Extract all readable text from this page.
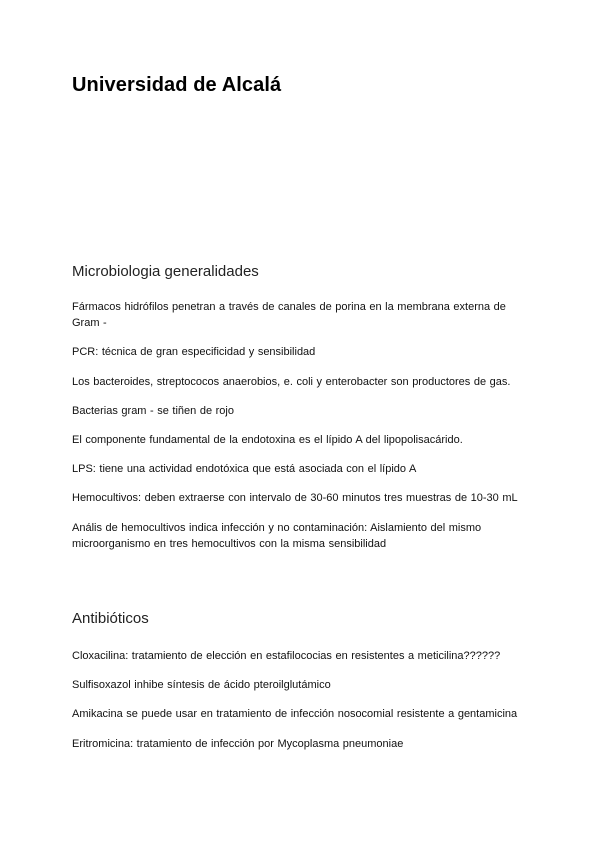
Universidad de Alcalá
Microbiologia generalidades

Fármacos hidrófilos penetran a través de canales de porina en la membrana externa de Gram -

PCR: técnica de gran especificidad y sensibilidad

Los bacteroides, streptococos anaerobios, e. coli y enterobacter son productores de gas.

Bacterias gram - se tiñen de rojo

El componente fundamental de la endotoxina es el lípido A del lipopolisacárido.

LPS: tiene una actividad endotóxica que está asociada con el lípido A

Hemocultivos: deben extraerse con intervalo de 30-60 minutos tres muestras de 10-30 mL

Anális de hemocultivos indica infección y no contaminación: Aislamiento del mismo microorganismo en tres hemocultivos con la misma sensibilidad

Antibióticos

Cloxacilina: tratamiento de elección en estafilococias en resistentes a meticilina??????

Sulfisoxazol inhibe síntesis de ácido pteroilglutámico

Amikacina se puede usar en tratamiento de infección nosocomial resistente a gentamicina

Eritromicina: tratamiento de infección por Mycoplasma pneumoniae
